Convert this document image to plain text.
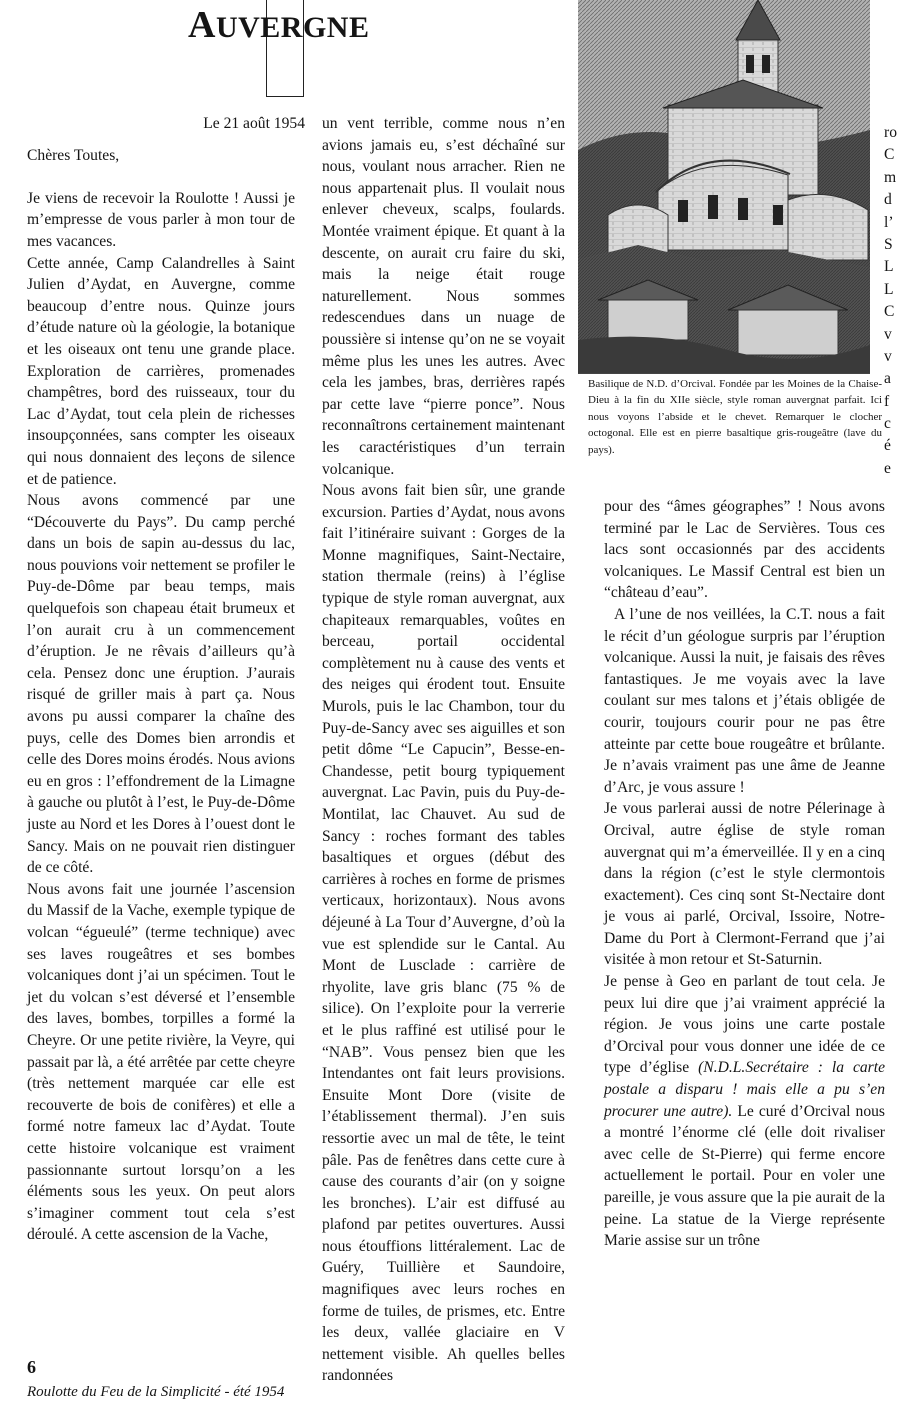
AUVERGNE
Basilique de N.D. d’Orcival. Fondée par les Moines de la Chaise-Dieu à la fin du XIIe siècle, style roman auvergnat parfait. Ici nous voyons l’abside et le chevet. Remarquer le clocher octogonal. Elle est en pierre basaltique gris-rougeâtre (lave du pays).

Le 21 août 1954

Chères Toutes,

Je viens de recevoir la Roulotte ! Aussi je m’empresse de vous parler à mon tour de mes vacances.

Cette année, Camp Calandrelles à Saint Julien d’Aydat, en Auvergne, comme beaucoup d’entre nous. Quinze jours d’étude nature où la géologie, la botanique et les oiseaux ont tenu une grande place. Exploration de carrières, promenades champêtres, bord des ruisseaux, tour du Lac d’Aydat, tout cela plein de richesses insoupçonnées, sans compter les oiseaux qui nous donnaient des leçons de silence et de patience.

Nous avons commencé par une “Découverte du Pays”. Du camp perché dans un bois de sapin au-dessus du lac, nous pouvions voir nettement se profiler le Puy-de-Dôme par beau temps, mais quelquefois son chapeau était brumeux et l’on aurait cru à un commencement d’éruption. Je ne rêvais d’ailleurs qu’à cela. Pensez donc une éruption. J’aurais risqué de griller mais à part ça. Nous avons pu aussi comparer la chaîne des puys, celle des Domes bien arrondis et celle des Dores moins érodés. Nous avions eu en gros : l’effondrement de la Limagne à gauche ou plutôt à l’est, le Puy-de-Dôme juste au Nord et les Dores à l’ouest dont le Sancy. Mais on ne pouvait rien distinguer de ce côté.

Nous avons fait une journée l’ascension du Massif de la Vache, exemple typique de volcan “égueulé” (terme technique) avec ses laves rougeâtres et ses bombes volcaniques dont j’ai un spécimen. Tout le jet du volcan s’est déversé et l’ensemble des laves, bombes, torpilles a formé la Cheyre. Or une petite rivière, la Veyre, qui passait par là, a été arrêtée par cette cheyre (très nettement marquée car elle est recouverte de bois de conifères) et elle a formé notre fameux lac d’Aydat. Toute cette histoire volcanique est vraiment passionnante surtout lorsqu’on a les éléments sous les yeux. On peut alors s’imaginer comment tout cela s’est déroulé. A cette ascension de la Vache,

un vent terrible, comme nous n’en avions jamais eu, s’est déchaîné sur nous, voulant nous arracher. Rien ne nous appartenait plus. Il voulait nous enlever cheveux, scalps, foulards. Montée vraiment épique. Et quant à la descente, on aurait cru faire du ski, mais la neige était rouge naturellement. Nous sommes redescendues dans un nuage de poussière si intense qu’on ne se voyait même plus les unes les autres. Avec cela les jambes, bras, derrières rapés par cette lave “pierre ponce”. Nous reconnaîtrons certainement maintenant les caractéristiques d’un terrain volcanique.

Nous avons fait bien sûr, une grande excursion. Parties d’Aydat, nous avons fait l’itinéraire suivant : Gorges de la Monne magnifiques, Saint-Nectaire, station thermale (reins) à l’église typique de style roman auvergnat, aux chapiteaux remarquables, voûtes en berceau, portail occidental complètement nu à cause des vents et des neiges qui érodent tout. Ensuite Murols, puis le lac Chambon, tour du Puy-de-Sancy avec ses aiguilles et son petit dôme “Le Capucin”, Besse-en-Chandesse, petit bourg typiquement auvergnat. Lac Pavin, puis du Puy-de-Montilat, lac Chauvet. Au sud de Sancy : roches formant des tables basaltiques et orgues (début des carrières à roches en forme de prismes verticaux, horizontaux). Nous avons déjeuné à La Tour d’Auvergne, d’où la vue est splendide sur le Cantal. Au Mont de Lusclade : carrière de rhyolite, lave gris blanc (75 % de silice). On l’exploite pour la verrerie et le plus raffiné est utilisé pour le “NAB”. Vous pensez bien que les Intendantes ont fait leurs provisions. Ensuite Mont Dore (visite de l’établissement thermal). J’en suis ressortie avec un mal de tête, le teint pâle. Pas de fenêtres dans cette cure à cause des courants d’air (on y soigne les bronches). L’air est diffusé au plafond par petites ouvertures. Aussi nous étouffions littéralement. Lac de Guéry, Tuillière et Saundoire, magnifiques avec leurs roches en forme de tuiles, de prismes, etc. Entre les deux, vallée glaciaire en V nettement visible. Ah quelles belles randonnées

pour des “âmes géographes” ! Nous avons terminé par le Lac de Servières. Tous ces lacs sont occasionnés par des accidents volcaniques. Le Massif Central est bien un “château d’eau”.

A l’une de nos veillées, la C.T. nous a fait le récit d’un géologue surpris par l’éruption volcanique. Aussi la nuit, je faisais des rêves fantastiques. Je me voyais avec la lave coulant sur mes talons et j’étais obligée de courir, toujours courir pour ne pas être atteinte par cette boue rougeâtre et brûlante. Je n’avais vraiment pas une âme de Jeanne d’Arc, je vous assure !

Je vous parlerai aussi de notre Pélerinage à Orcival, autre église de style roman auvergnat qui m’a émerveillée. Il y en a cinq dans la région (c’est le style clermontois exactement). Ces cinq sont St-Nectaire dont je vous ai parlé, Orcival, Issoire, Notre-Dame du Port à Clermont-Ferrand que j’ai visitée à mon retour et St-Saturnin.

Je pense à Geo en parlant de tout cela. Je peux lui dire que j’ai vraiment apprécié la région. Je vous joins une carte postale d’Orcival pour vous donner une idée de ce type d’église (N.D.L.Secrétaire : la carte postale a disparu ! mais elle a pu s’en procurer une autre). Le curé d’Orcival nous a montré l’énorme clé (elle doit rivaliser avec celle de St-Pierre) qui ferme encore actuellement le portail. Pour en voler une pareille, je vous assure que la pie aurait de la peine. La statue de la Vierge représente Marie assise sur un trône

ro
C
m
d
l’
S
L
L
C
v
v
a
f
c
é
e
6
Roulotte du Feu de la Simplicité - été 1954
